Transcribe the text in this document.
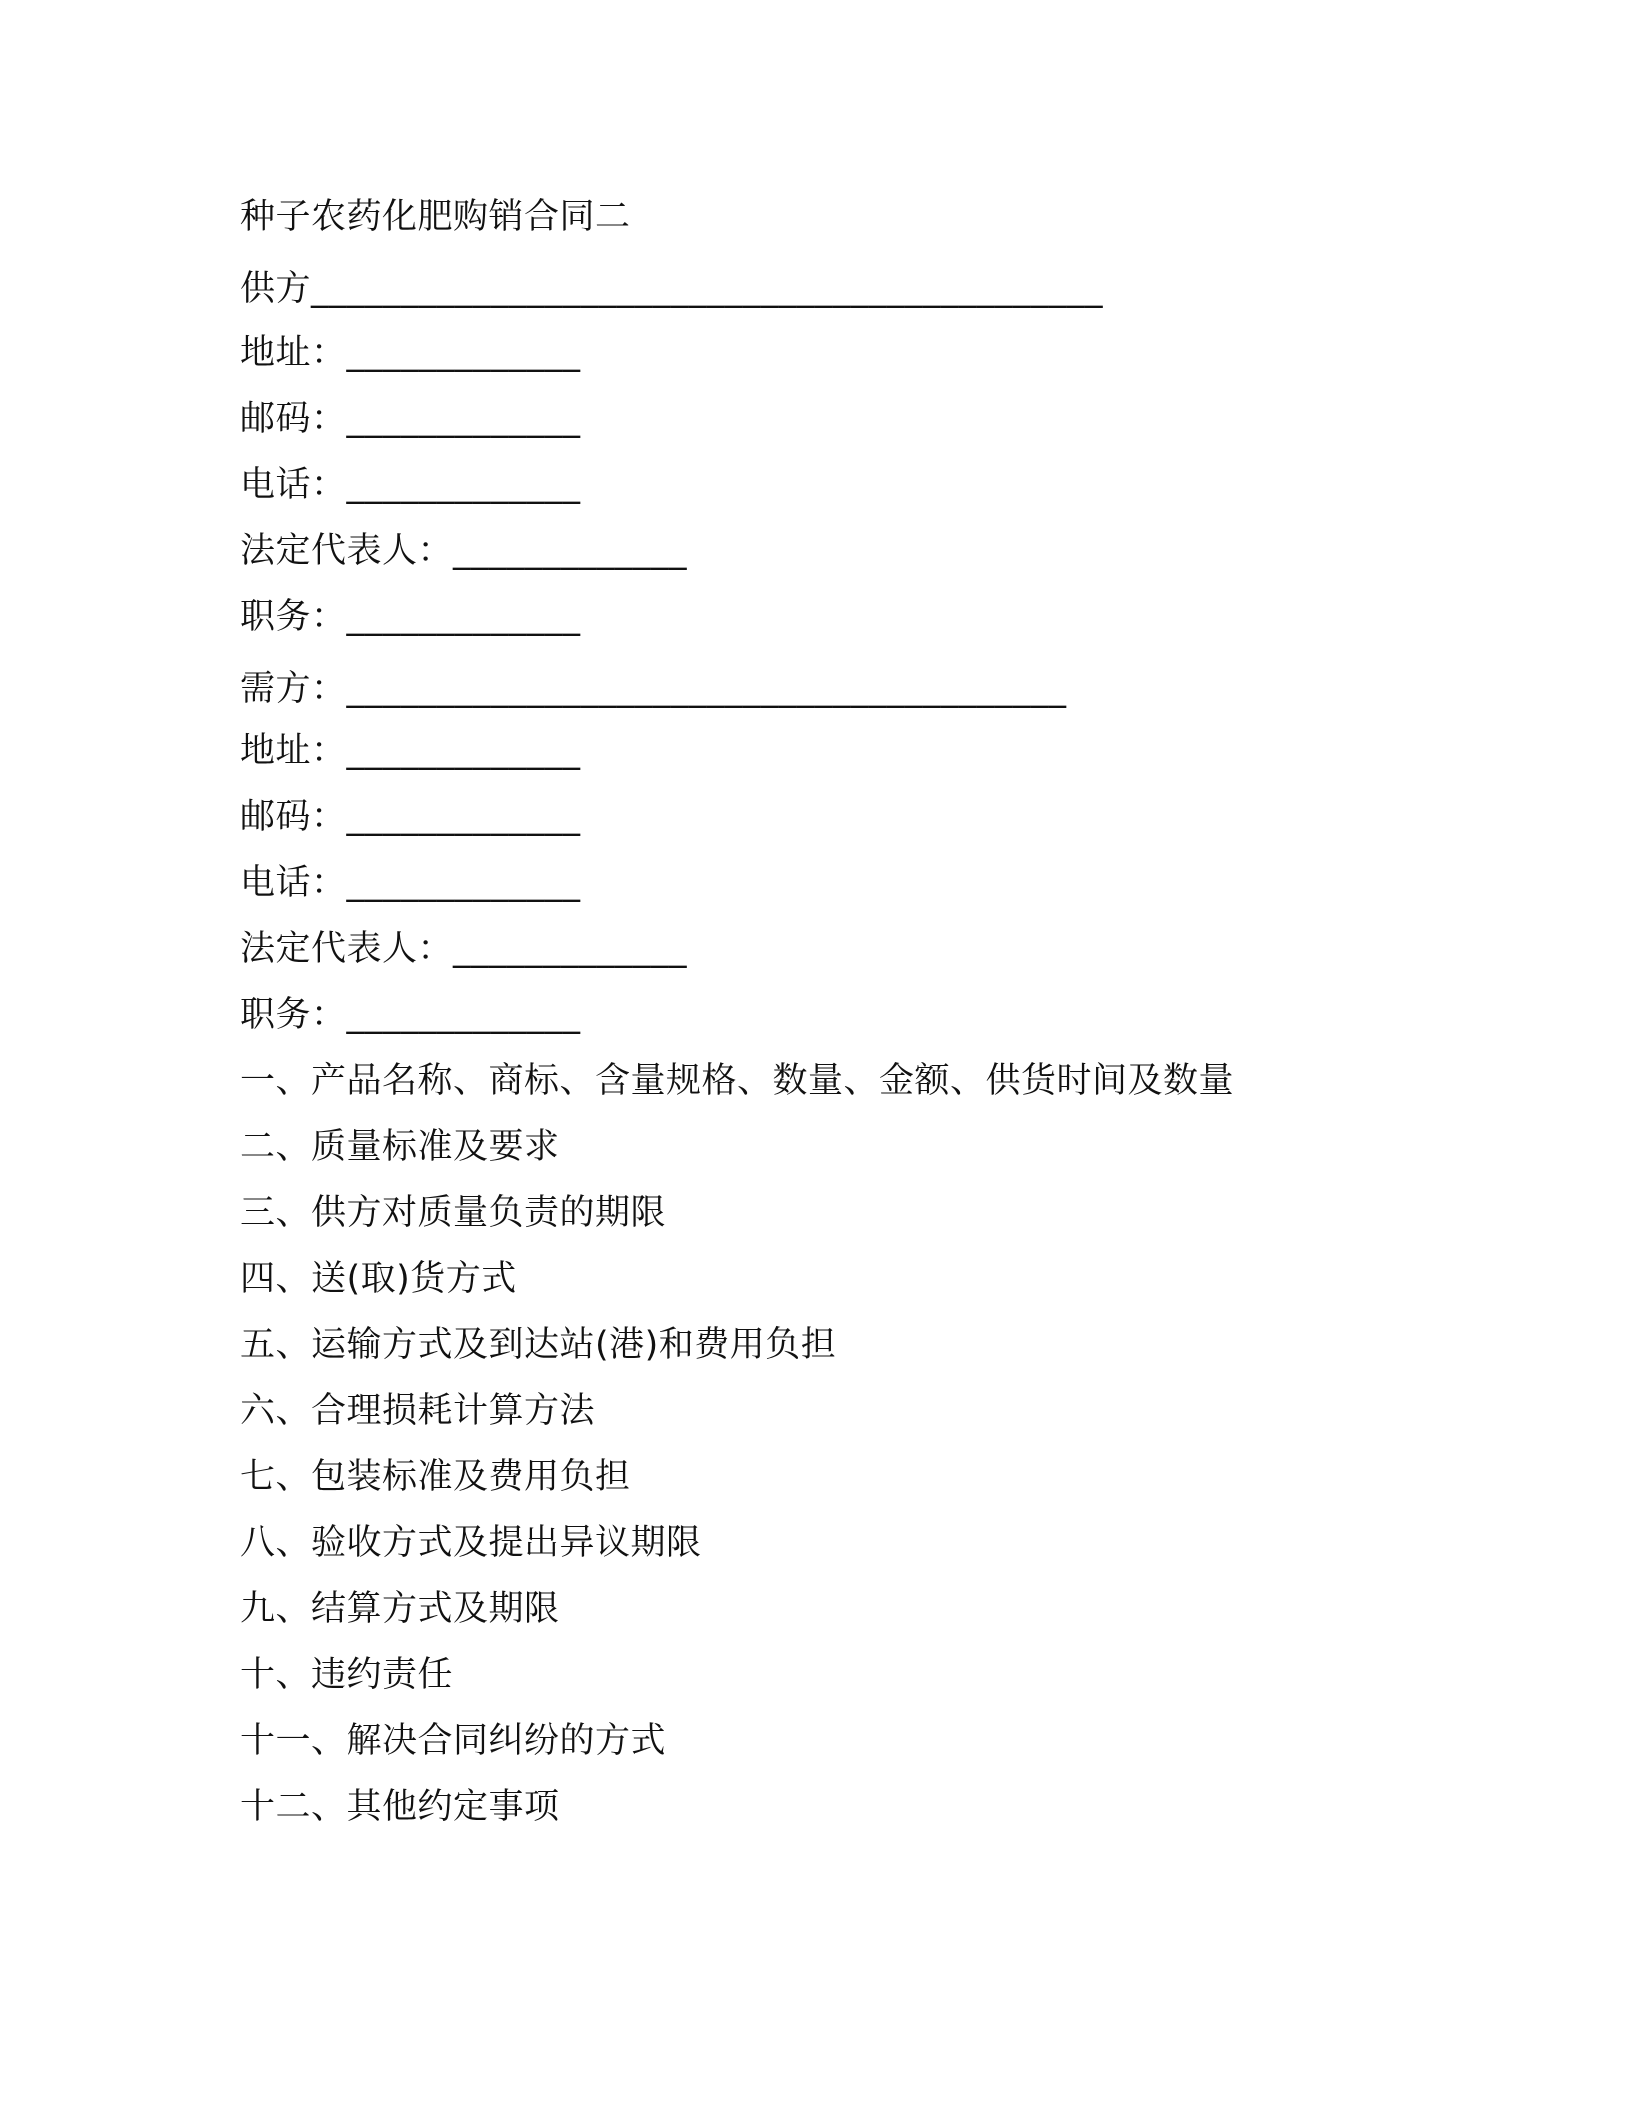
种子农药化肥购销合同二
供方____________________________________________
地址：_____________
邮码：_____________
电话：_____________
法定代表人：_____________
职务：_____________
需方：________________________________________
地址：_____________
邮码：_____________
电话：_____________
法定代表人：_____________
职务：_____________
一、产品名称、商标、含量规格、数量、金额、供货时间及数量
二、质量标准及要求
三、供方对质量负责的期限
四、送(取)货方式
五、运输方式及到达站(港)和费用负担
六、合理损耗计算方法
七、包装标准及费用负担
八、验收方式及提出异议期限
九、结算方式及期限
十、违约责任
十一、解决合同纠纷的方式
十二、其他约定事项
